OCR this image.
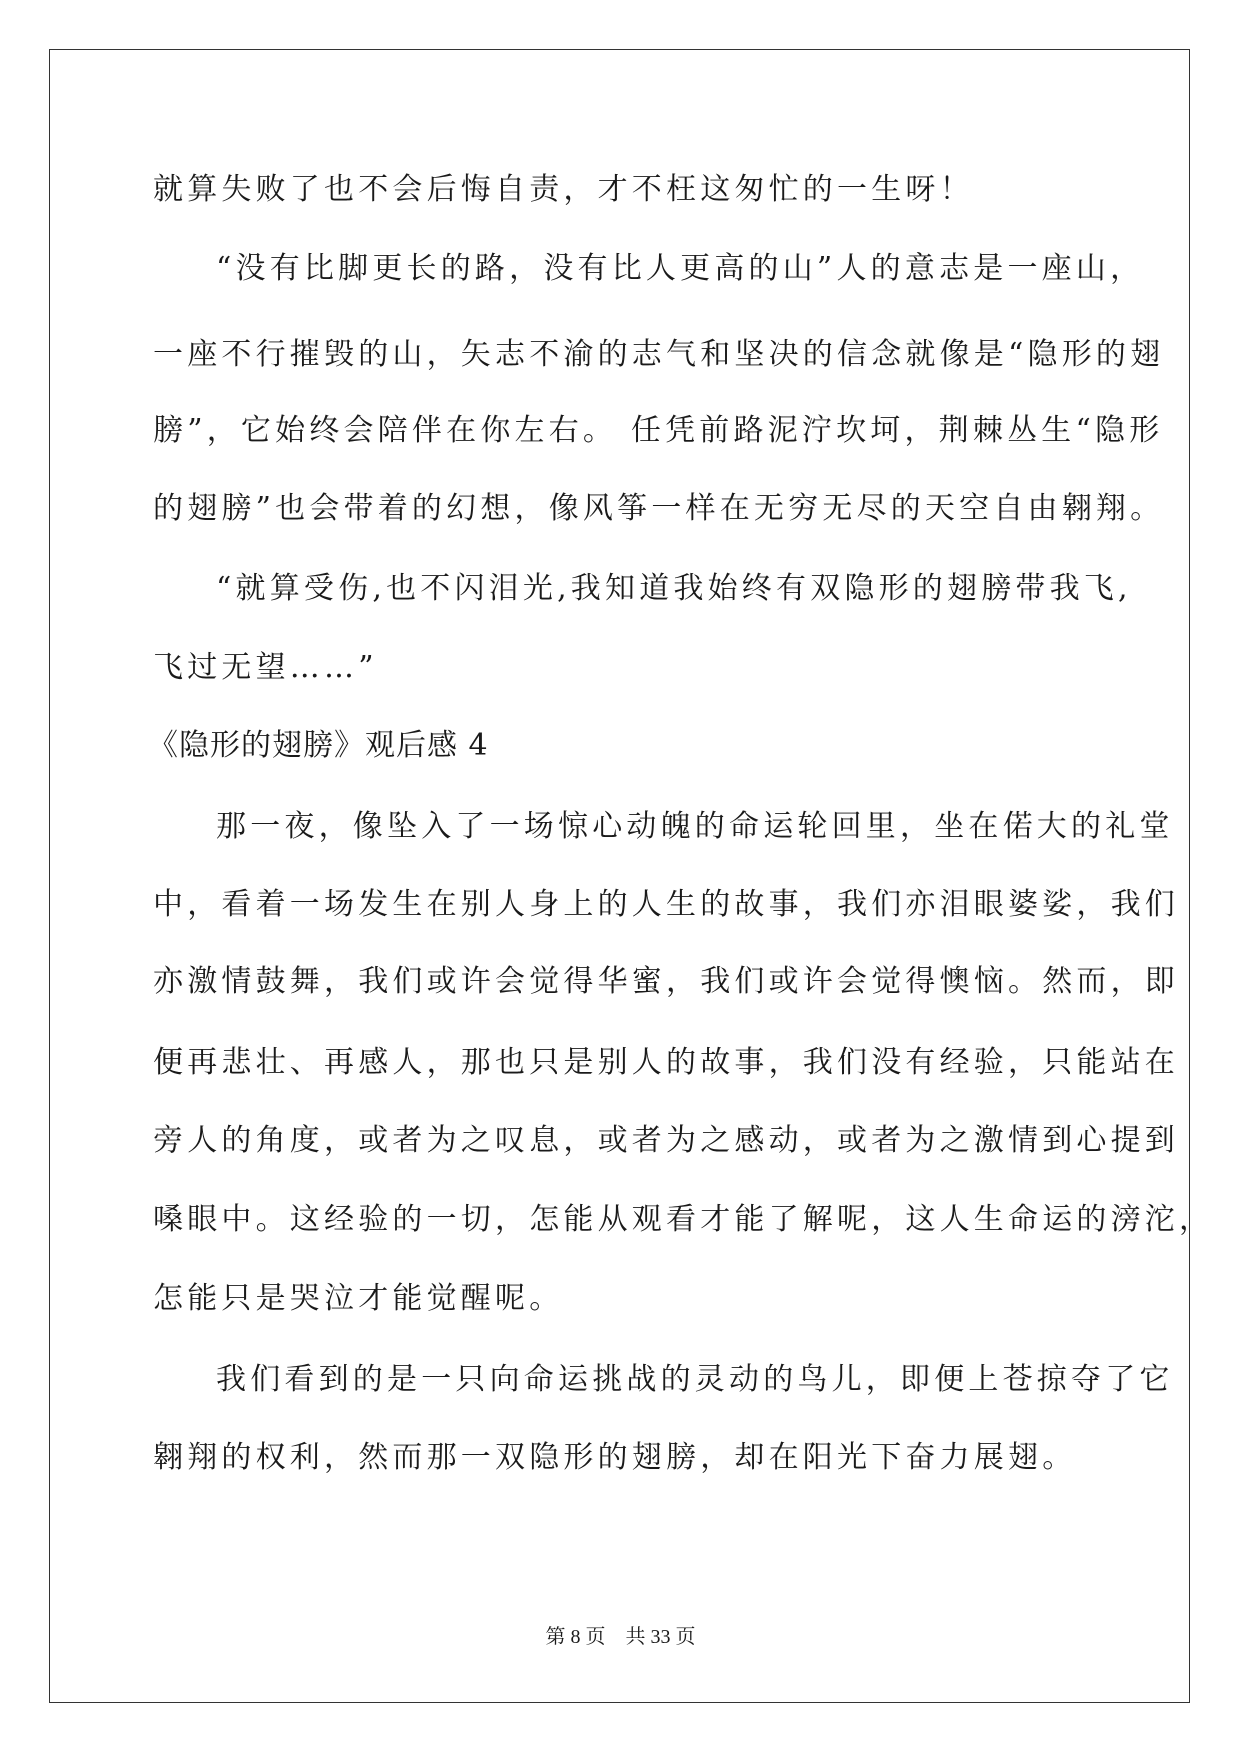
就算失败了也不会后悔自责，才不枉这匆忙的一生呀！
“没有比脚更长的路，没有比人更高的山”人的意志是一座山，
一座不行摧毁的山，矢志不渝的志气和坚决的信念就像是“隐形的翅
膀”，它始终会陪伴在你左右。 任凭前路泥泞坎坷，荆棘丛生“隐形
的翅膀”也会带着的幻想，像风筝一样在无穷无尽的天空自由翱翔。
“就算受伤,也不闪泪光,我知道我始终有双隐形的翅膀带我飞,
飞过无望……”
《隐形的翅膀》观后感 4
那一夜，像坠入了一场惊心动魄的命运轮回里，坐在偌大的礼堂
中，看着一场发生在别人身上的人生的故事，我们亦泪眼婆娑，我们
亦激情鼓舞，我们或许会觉得华蜜，我们或许会觉得懊恼。然而，即
便再悲壮、再感人，那也只是别人的故事，我们没有经验，只能站在
旁人的角度，或者为之叹息，或者为之感动，或者为之激情到心提到
嗓眼中。这经验的一切，怎能从观看才能了解呢，这人生命运的滂沱，
怎能只是哭泣才能觉醒呢。
我们看到的是一只向命运挑战的灵动的鸟儿，即便上苍掠夺了它
翱翔的权利，然而那一双隐形的翅膀，却在阳光下奋力展翅。
第 8 页　共 33 页
